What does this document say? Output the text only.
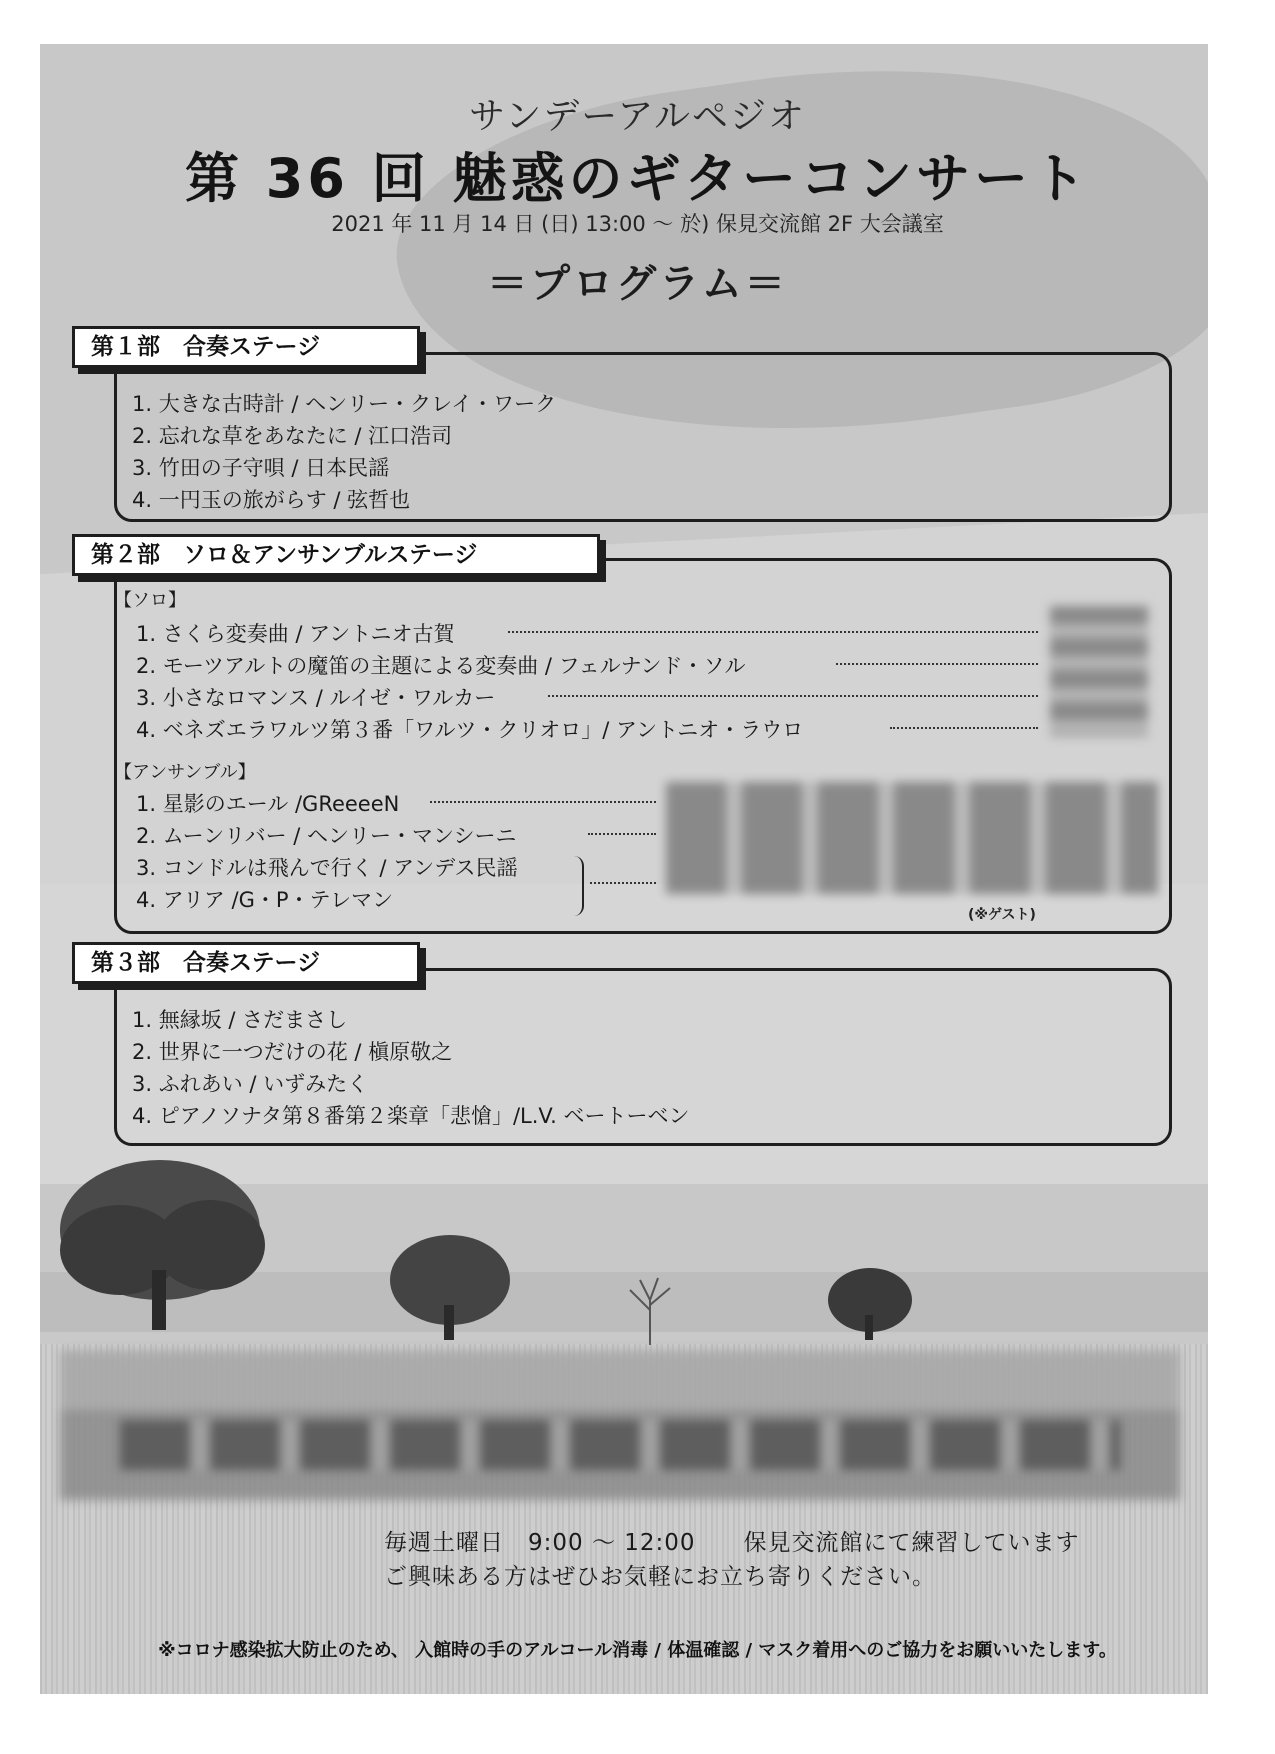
サンデーアルペジオ
第 36 回 魅惑のギターコンサート
2021 年 11 月 14 日 (日) 13:00 ～ 於) 保見交流館 2F 大会議室
＝プログラム＝
第１部　合奏ステージ
1. 大きな古時計 / ヘンリー・クレイ・ワーク
2. 忘れな草をあなたに / 江口浩司
3. 竹田の子守唄 / 日本民謡
4. 一円玉の旅がらす / 弦哲也
第２部　ソロ＆アンサンブルステージ
【ソロ】
1. さくら変奏曲 / アントニオ古賀
2. モーツアルトの魔笛の主題による変奏曲 / フェルナンド・ソル
3. 小さなロマンス / ルイゼ・ワルカー
4. ベネズエラワルツ第３番「ワルツ・クリオロ」/ アントニオ・ラウロ
【アンサンブル】
1. 星影のエール /GReeeeN
2. ムーンリバー / ヘンリー・マンシーニ
3. コンドルは飛んで行く / アンデス民謡
4. アリア /G・P・テレマン
(※ゲスト)
第３部　合奏ステージ
1. 無縁坂 / さだまさし
2. 世界に一つだけの花 / 槇原敬之
3. ふれあい / いずみたく
4. ピアノソナタ第８番第２楽章「悲愴」/L.V. ベートーベン
毎週土曜日　9:00 ～ 12:00　　保見交流館にて練習しています
ご興味ある方はぜひお気軽にお立ち寄りください。
※コロナ感染拡大防止のため、 入館時の手のアルコール消毒 / 体温確認 / マスク着用へのご協力をお願いいたします。
